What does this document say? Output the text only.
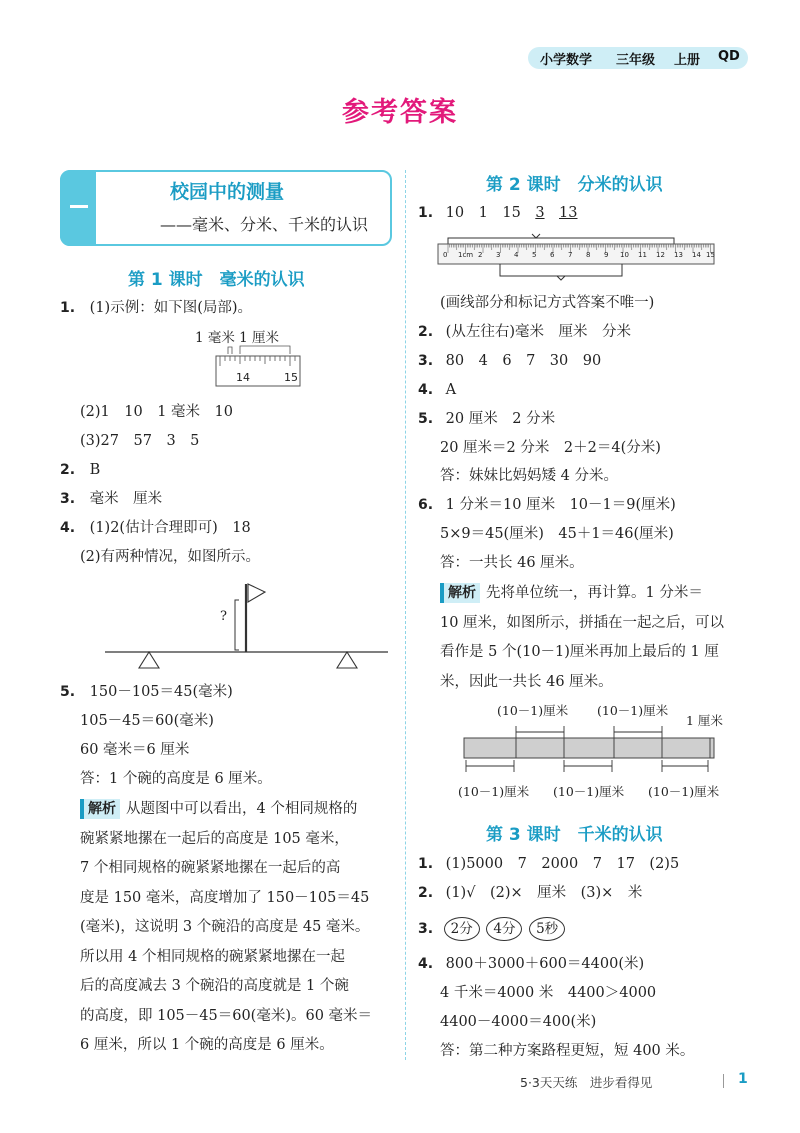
小学数学 三年级 上册 QD
参考答案
校园中的测量
——毫米、分米、千米的认识
第 1 课时　毫米的认识
1. (1)示例：如下图(局部)。
1 毫米 1 厘米
14	15
(2)1　10　1 毫米　10
(3)27　57　3　5
2. B
3. 毫米　厘米
4. (1)2(估计合理即可)　18
(2)有两种情况，如图所示。
?
5. 150－105＝45(毫米)
105－45＝60(毫米)
60 毫米＝6 厘米
答：1 个碗的高度是 6 厘米。
解析 从题图中可以看出，4 个相同规格的
碗紧紧地摞在一起后的高度是 105 毫米，
7 个相同规格的碗紧紧地摞在一起后的高
度是 150 毫米，高度增加了 150－105＝45
(毫米)，这说明 3 个碗沿的高度是 45 毫米。
所以用 4 个相同规格的碗紧紧地摞在一起
后的高度减去 3 个碗沿的高度就是 1 个碗
的高度，即 105－45＝60(毫米)。60 毫米＝
6 厘米，所以 1 个碗的高度是 6 厘米。
第 2 课时　分米的认识
1. 10　1　15　3　 13
0 1cm 2 3 4 5 6 7 8 9 10 11 12 13 14 15
(画线部分和标记方式答案不唯一)
2. (从左往右)毫米　厘米　分米
3. 80　4　6　7　30　90
4. A
5. 20 厘米　2 分米
20 厘米＝2 分米　2＋2＝4(分米)
答：妹妹比妈妈矮 4 分米。
6. 1 分米＝10 厘米　10－1＝9(厘米)
5×9＝45(厘米)　45＋1＝46(厘米)
答：一共长 46 厘米。
解析 先将单位统一，再计算。1 分米＝
10 厘米，如图所示，拼插在一起之后，可以
看作是 5 个(10－1)厘米再加上最后的 1 厘
米，因此一共长 46 厘米。
(10－1)厘米 (10－1)厘米
1 厘米
(10－1)厘米 (10－1)厘米 (10－1)厘米
第 3 课时　千米的认识
1. (1)5000　7　2000　7　17　(2)5
2. (1)√　(2)×　厘米　(3)×　米
3. 2分 4分 5秒
4. 800＋3000＋600＝4400(米)
4 千米＝4000 米　4400＞4000
4400－4000＝400(米)
答：第二种方案路程更短，短 400 米。
5·3天天练　进步看得见	1
